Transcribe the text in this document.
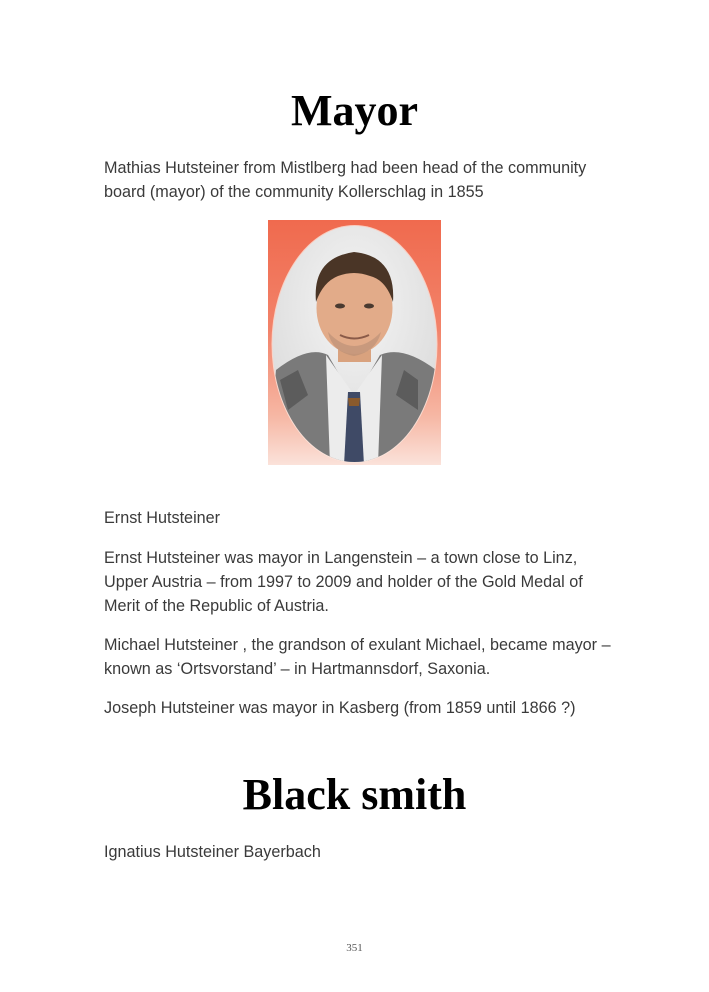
Mayor

Mathias Hutsteiner from Mistlberg had been head of the community board (mayor) of the community Kollerschlag in 1855

Ernst Hutsteiner

Ernst Hutsteiner was mayor in Langenstein – a town close to Linz, Upper Austria – from 1997 to 2009 and holder of the Gold Medal of Merit of the Republic of Austria.

Michael Hutsteiner , the grandson of exulant Michael, became mayor – known as ‘Ortsvorstand’ – in Hartmannsdorf, Saxonia.

Joseph Hutsteiner was mayor in Kasberg (from 1859 until 1866 ?)

Black smith

Ignatius Hutsteiner Bayerbach

351
